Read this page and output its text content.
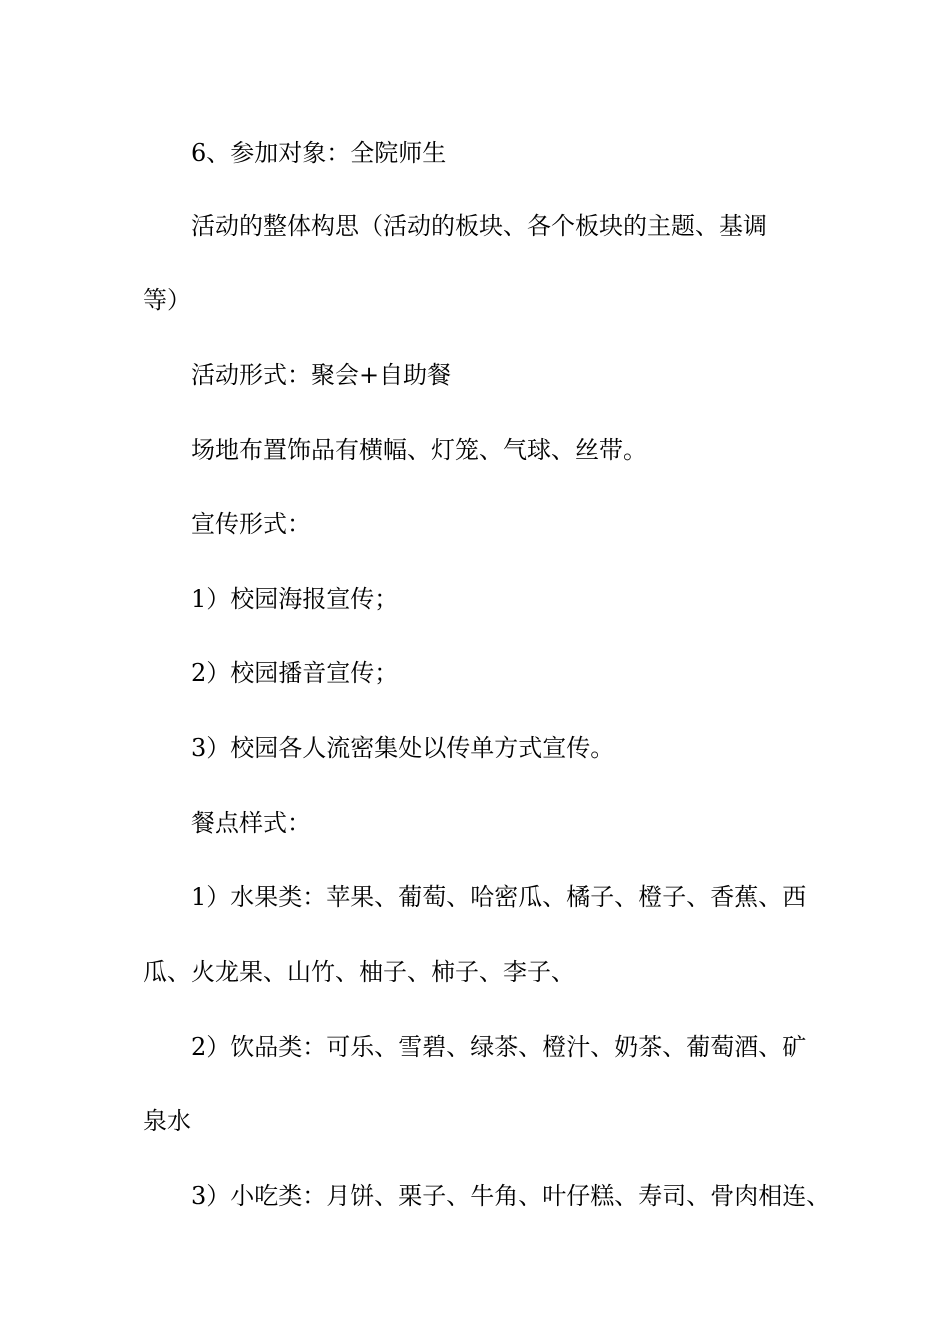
6、参加对象：全院师生
活动的整体构思（活动的板块、各个板块的主题、基调
等）
活动形式：聚会+自助餐
场地布置饰品有横幅、灯笼、气球、丝带。
宣传形式：
1）校园海报宣传；
2）校园播音宣传；
3）校园各人流密集处以传单方式宣传。
餐点样式：
1）水果类：苹果、葡萄、哈密瓜、橘子、橙子、香蕉、西
瓜、火龙果、山竹、柚子、柿子、李子、
2）饮品类：可乐、雪碧、绿茶、橙汁、奶茶、葡萄酒、矿
泉水
3）小吃类：月饼、栗子、牛角、叶仔糕、寿司、骨肉相连、
